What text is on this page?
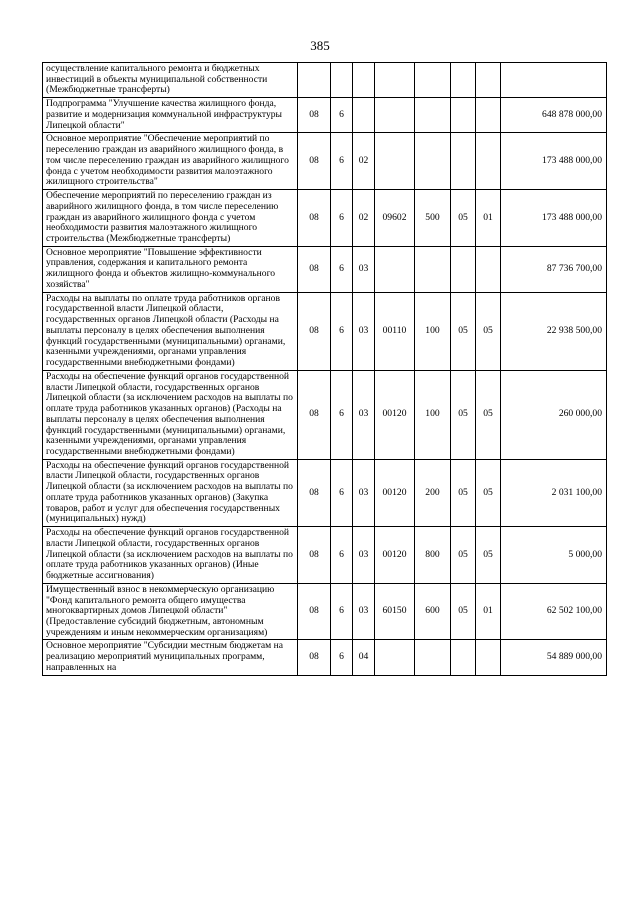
385
осуществление капитального ремонта и бюджетных инвестиций в объекты муниципальной собственности (Межбюджетные трансферты)								
Подпрограмма "Улучшение качества жилищного фонда, развитие и модернизация коммунальной инфраструктуры Липецкой области"	08	6						648 878 000,00
Основное мероприятие "Обеспечение мероприятий по переселению граждан из аварийного жилищного фонда, в том числе переселению граждан из аварийного жилищного фонда с учетом необходимости развития малоэтажного жилищного строительства"	08	6	02					173 488 000,00
Обеспечение мероприятий по переселению граждан из аварийного жилищного фонда, в том числе переселению граждан из аварийного жилищного фонда с учетом необходимости развития малоэтажного жилищного строительства (Межбюджетные трансферты)	08	6	02	09602	500	05	01	173 488 000,00
Основное мероприятие "Повышение эффективности управления, содержания и капитального ремонта жилищного фонда и объектов жилищно-коммунального хозяйства"	08	6	03					87 736 700,00
Расходы на выплаты по оплате труда работников органов государственной власти Липецкой области, государственных органов Липецкой области (Расходы на выплаты персоналу в целях обеспечения выполнения функций государственными (муниципальными) органами, казенными учреждениями, органами управления государственными внебюджетными фондами)	08	6	03	00110	100	05	05	22 938 500,00
Расходы на обеспечение функций органов государственной власти Липецкой области, государственных органов Липецкой области (за исключением расходов на выплаты по оплате труда работников указанных органов) (Расходы на выплаты персоналу в целях обеспечения выполнения функций государственными (муниципальными) органами, казенными учреждениями, органами управления государственными внебюджетными фондами)	08	6	03	00120	100	05	05	260 000,00
Расходы на обеспечение функций органов государственной власти Липецкой области, государственных органов Липецкой области (за исключением расходов на выплаты по оплате труда работников указанных органов) (Закупка товаров, работ и услуг для обеспечения государственных (муниципальных) нужд)	08	6	03	00120	200	05	05	2 031 100,00
Расходы на обеспечение функций органов государственной власти Липецкой области, государственных органов Липецкой области (за исключением расходов на выплаты по оплате труда работников указанных органов) (Иные бюджетные ассигнования)	08	6	03	00120	800	05	05	5 000,00
Имущественный взнос в некоммерческую организацию "Фонд капитального ремонта общего имущества многоквартирных домов Липецкой области" (Предоставление субсидий бюджетным, автономным учреждениям и иным некоммерческим организациям)	08	6	03	60150	600	05	01	62 502 100,00
Основное мероприятие "Субсидии местным бюджетам на реализацию мероприятий муниципальных программ, направленных на	08	6	04					54 889 000,00
